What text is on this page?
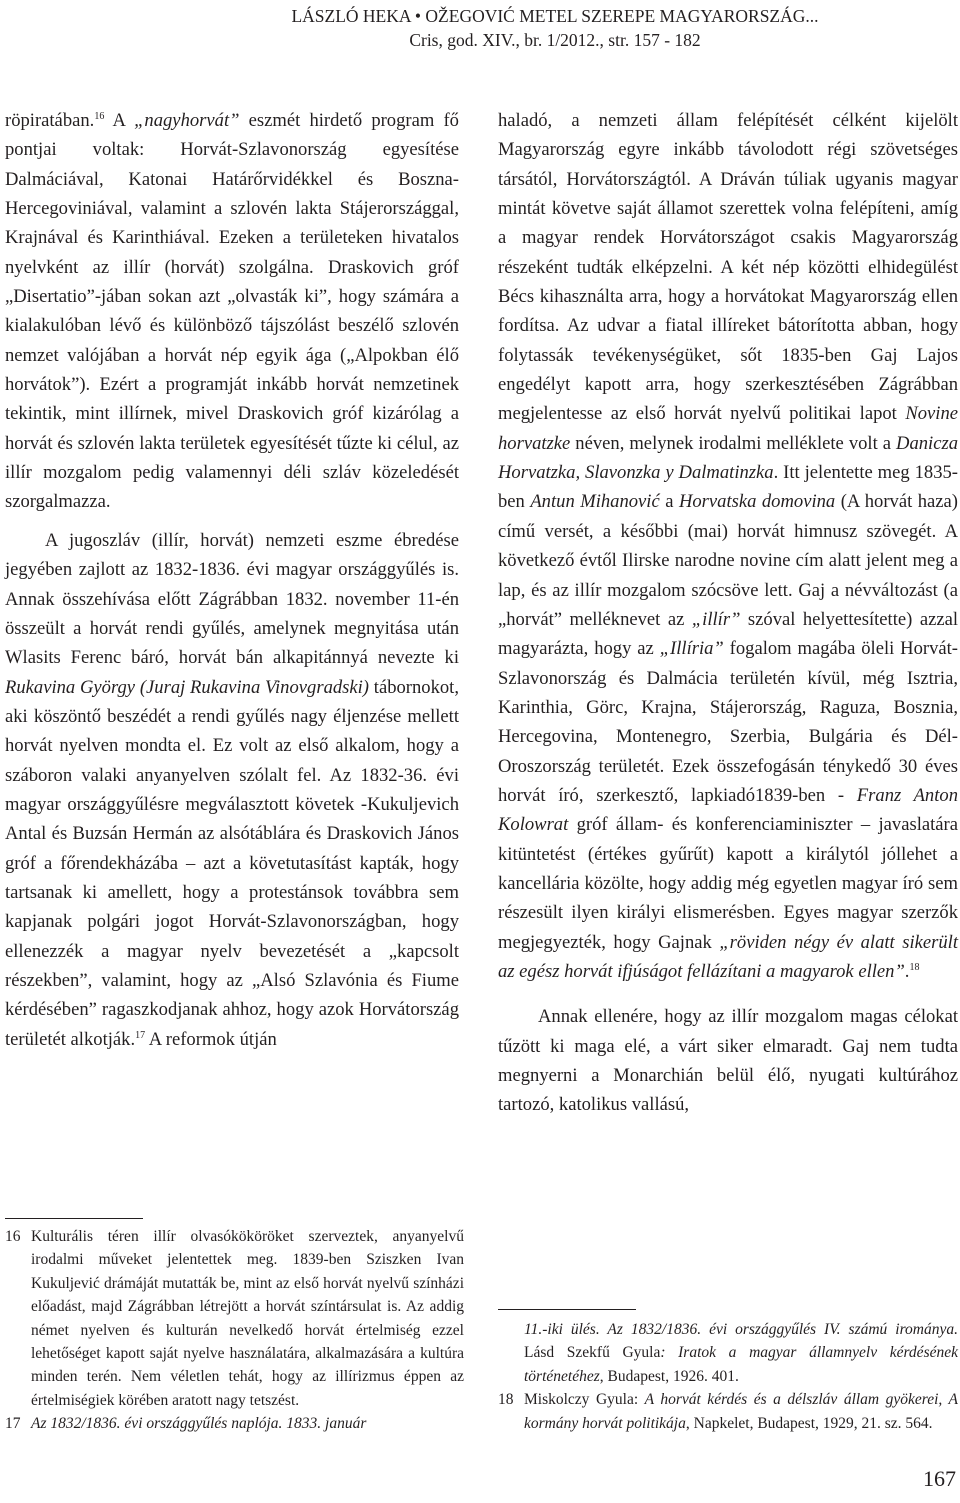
LÁSZLÓ HEKA • OŽEGOVIĆ METEL SZEREPE MAGYARORSZÁG...
Cris, god. XIV., br. 1/2012., str. 157 - 182

röpiratában.$^{16}$ A „nagyhorvát” eszmét hirdető program fő pontjai voltak: Horvát-Szlavonország egyesítése Dalmáciával, Katonai Határőrvidékkel és Boszna-Hercegoviniával, valamint a szlovén lakta Stájerországgal, Krajnával és Karinthiával. Ezeken a területeken hivatalos nyelvként az illír (horvát) szolgálna. Draskovich gróf „Disertatio”-jában sokan azt „olvasták ki”, hogy számára a kialakulóban lévő és különböző tájszólást beszélő szlovén nemzet valójában a horvát nép egyik ága („Alpokban élő horvátok”). Ezért a programját inkább horvát nemzetinek tekintik, mint illírnek, mivel Draskovich gróf kizárólag a horvát és szlovén lakta területek egyesítését tűzte ki célul, az illír mozgalom pedig valamennyi déli szláv közeledését szorgalmazza.

A jugoszláv (illír, horvát) nemzeti eszme ébredése jegyében zajlott az 1832-1836. évi magyar országgyűlés is. Annak összehívása előtt Zágrábban 1832. november 11-én összeült a horvát rendi gyűlés, amelynek megnyitása után Wlasits Ferenc báró, horvát bán alkapitánnyá nevezte ki Rukavina György (Juraj Rukavina Vinovgradski) tábornokot, aki köszöntő beszédét a rendi gyűlés nagy éljenzése mellett horvát nyelven mondta el. Ez volt az első alkalom, hogy a száboron valaki anyanyelven szólalt fel. Az 1832-36. évi magyar országgyűlésre megválasztott követek -Kukuljevich Antal és Buzsán Hermán az alsótáblára és Draskovich János gróf a főrendekházába – azt a követutasítást kapták, hogy tartsanak ki amellett, hogy a protestánsok továbbra sem kapjanak polgári jogot Horvát-Szlavonországban, hogy ellenezzék a magyar nyelv bevezetését a „kapcsolt részekben”, valamint, hogy az „Alsó Szlavónia és Fiume kérdésében” ragaszkodjanak ahhoz, hogy azok Horvátország területét alkotják.$^{17}$ A reformok útján

haladó, a nemzeti állam felépítését célként kijelölt Magyarország egyre inkább távolodott régi szövetséges társától, Horvátországtól. A Dráván túliak ugyanis magyar mintát követve saját államot szerettek volna felépíteni, amíg a magyar rendek Horvátországot csakis Magyarország részeként tudták elképzelni. A két nép közötti elhidegülést Bécs kihasználta arra, hogy a horvátokat Magyarország ellen fordítsa. Az udvar a fiatal illíreket bátorította abban, hogy folytassák tevékenységüket, sőt 1835-ben Gaj Lajos engedélyt kapott arra, hogy szerkesztésében Zágrábban megjelentesse az első horvát nyelvű politikai lapot Novine horvatzke néven, melynek irodalmi melléklete volt a Danicza Horvatzka, Slavonzka y Dalmatinzka. Itt jelentette meg 1835-ben Antun Mihanović a Horvatska domovina (A horvát haza) című versét, a későbbi (mai) horvát himnusz szövegét. A következő évtől Ilirske narodne novine cím alatt jelent meg a lap, és az illír mozgalom szócsöve lett. Gaj a névváltozást (a „horvát” melléknevet az „illír” szóval helyettesítette) azzal magyarázta, hogy az „Illíria” fogalom magába öleli Horvát-Szlavonország és Dalmácia területén kívül, még Isztria, Karinthia, Görc, Krajna, Stájerország, Raguza, Bosznia, Hercegovina, Montenegro, Szerbia, Bulgária és Dél-Oroszország területét. Ezek összefogásán ténykedő 30 éves horvát író, szerkesztő, lapkiadó1839-ben - Franz Anton Kolowrat gróf állam- és konferenciaminiszter – javaslatára kitüntetést (értékes gyűrűt) kapott a királytól jóllehet a kancellária közölte, hogy addig még egyetlen magyar író sem részesült ilyen királyi elismerésben. Egyes magyar szerzők megjegyezték, hogy Gajnak „röviden négy év alatt sikerült az egész horvát ifjúságot fellázítani a magyarok ellen”.$^{18}$

Annak ellenére, hogy az illír mozgalom magas célokat tűzött ki maga elé, a várt siker elmaradt. Gaj nem tudta megnyerni a Monarchián belül élő, nyugati kultúrához tartozó, katolikus vallású,

16 Kulturális téren illír olvasókököröket szerveztek, anyanyelvű irodalmi műveket jelentettek meg. 1839-ben Sziszken Ivan Kukuljević drámáját mutatták be, mint az első horvát nyelvű színházi előadást, majd Zágrábban létrejött a horvát színtársulat is. Az addig német nyelven és kulturán nevelkedő horvát értelmiség ezzel lehetőséget kapott saját nyelve használatára, alkalmazására a kultúra minden terén. Nem véletlen tehát, hogy az illírizmus éppen az értelmiségiek körében aratott nagy tetszést.

17 Az 1832/1836. évi országgyűlés naplója. 1833. január

11.-iki ülés. Az 1832/1836. évi országgyűlés IV. számú irományа. Lásd Szekfű Gyula: Iratok a magyar államnyelv kérdésének történetéhez, Budapest, 1926. 401.

18 Miskolczy Gyula: A horvát kérdés és a délszláv állam gyökerei, A kormány horvát politikája, Napkelet, Budapest, 1929, 21. sz. 564.

167
